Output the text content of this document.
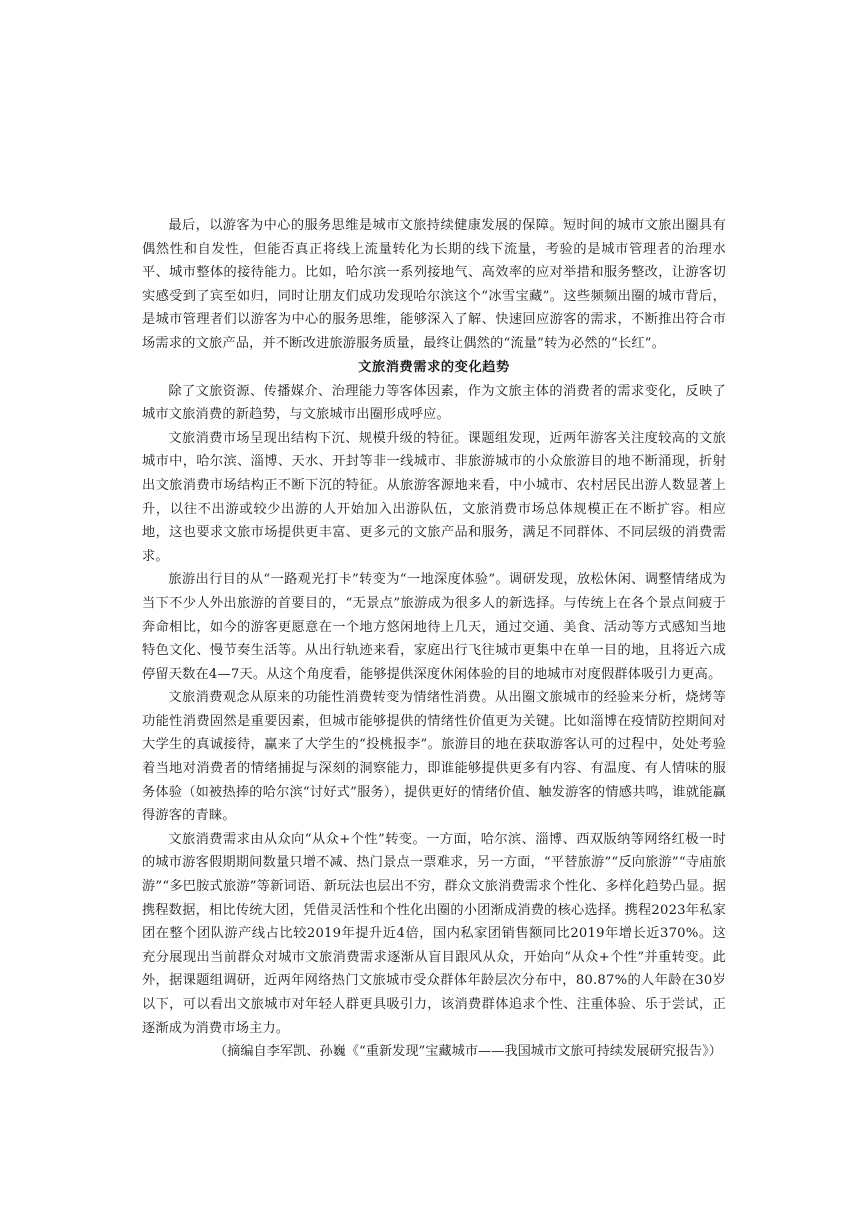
最后，以游客为中心的服务思维是城市文旅持续健康发展的保障。短时间的城市文旅出圈具有偶然性和自发性，但能否真正将线上流量转化为长期的线下流量，考验的是城市管理者的治理水平、城市整体的接待能力。比如，哈尔滨一系列接地气、高效率的应对举措和服务整改，让游客切实感受到了宾至如归，同时让朋友们成功发现哈尔滨这个“冰雪宝藏”。这些频频出圈的城市背后，是城市管理者们以游客为中心的服务思维，能够深入了解、快速回应游客的需求，不断推出符合市场需求的文旅产品，并不断改进旅游服务质量，最终让偶然的“流量”转为必然的“长红”。

文旅消费需求的变化趋势

除了文旅资源、传播媒介、治理能力等客体因素，作为文旅主体的消费者的需求变化，反映了城市文旅消费的新趋势，与文旅城市出圈形成呼应。

文旅消费市场呈现出结构下沉、规模升级的特征。课题组发现，近两年游客关注度较高的文旅城市中，哈尔滨、淄博、天水、开封等非一线城市、非旅游城市的小众旅游目的地不断涌现，折射出文旅消费市场结构正不断下沉的特征。从旅游客源地来看，中小城市、农村居民出游人数显著上升，以往不出游或较少出游的人开始加入出游队伍，文旅消费市场总体规模正在不断扩容。相应地，这也要求文旅市场提供更丰富、更多元的文旅产品和服务，满足不同群体、不同层级的消费需求。

旅游出行目的从“一路观光打卡”转变为“一地深度体验”。调研发现，放松休闲、调整情绪成为当下不少人外出旅游的首要目的，“无景点”旅游成为很多人的新选择。与传统上在各个景点间疲于奔命相比，如今的游客更愿意在一个地方悠闲地待上几天，通过交通、美食、活动等方式感知当地特色文化、慢节奏生活等。从出行轨迹来看，家庭出行飞往城市更集中在单一目的地，且将近六成停留天数在4—7天。从这个角度看，能够提供深度休闲体验的目的地城市对度假群体吸引力更高。

文旅消费观念从原来的功能性消费转变为情绪性消费。从出圈文旅城市的经验来分析，烧烤等功能性消费固然是重要因素，但城市能够提供的情绪性价值更为关键。比如淄博在疫情防控期间对大学生的真诚接待，赢来了大学生的“投桃报李”。旅游目的地在获取游客认可的过程中，处处考验着当地对消费者的情绪捕捉与深刻的洞察能力，即谁能够提供更多有内容、有温度、有人情味的服务体验（如被热捧的哈尔滨“讨好式”服务），提供更好的情绪价值、触发游客的情感共鸣，谁就能赢得游客的青睐。

文旅消费需求由从众向“从众+个性”转变。一方面，哈尔滨、淄博、西双版纳等网络红极一时的城市游客假期期间数量只增不减、热门景点一票难求，另一方面，“平替旅游”“反向旅游”“寺庙旅游”“多巴胺式旅游”等新词语、新玩法也层出不穷，群众文旅消费需求个性化、多样化趋势凸显。据携程数据，相比传统大团，凭借灵活性和个性化出圈的小团渐成消费的核心选择。携程2023年私家团在整个团队游产线占比较2019年提升近4倍，国内私家团销售额同比2019年增长近370%。这充分展现出当前群众对城市文旅消费需求逐渐从盲目跟风从众，开始向“从众+个性”并重转变。此外，据课题组调研，近两年网络热门文旅城市受众群体年龄层次分布中，80.87%的人年龄在30岁以下，可以看出文旅城市对年轻人群更具吸引力，该消费群体追求个性、注重体验、乐于尝试，正逐渐成为消费市场主力。

（摘编自李军凯、孙巍《“重新发现”宝藏城市——我国城市文旅可持续发展研究报告》）
